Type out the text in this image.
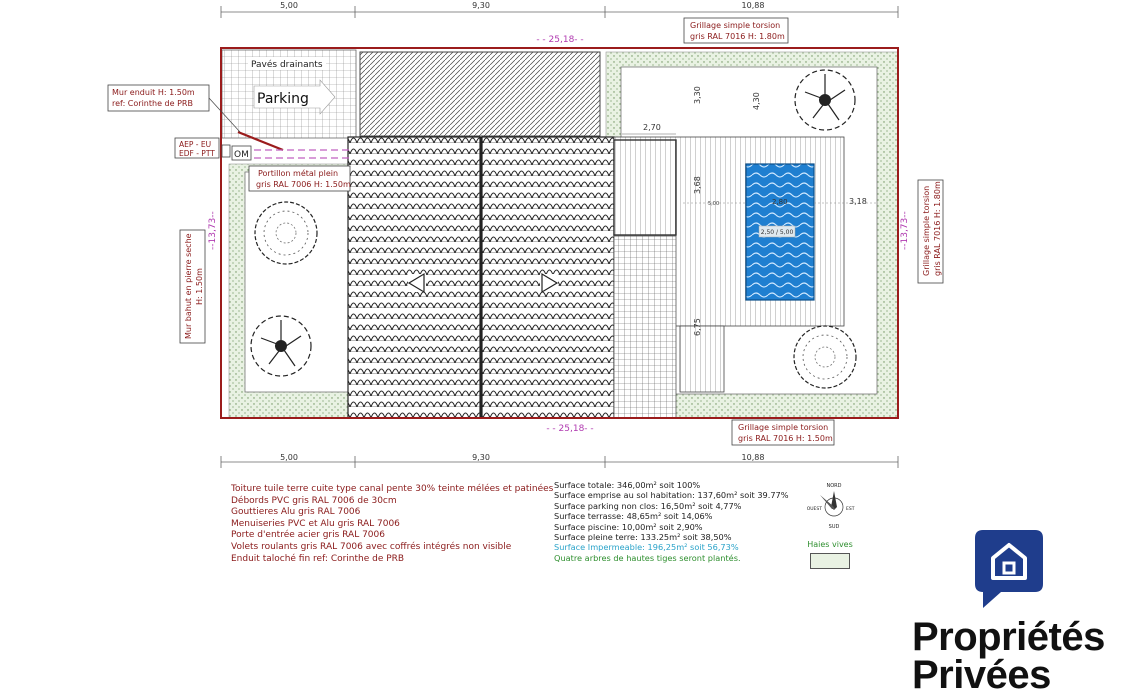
5,00	9,30	10,88
5,00	9,30	10,88
Parking
Pavés drainants
2,50 / 5,00
2,70
3,30	4,30
3,68
3,18
2,80
5,00
6,75
- - 25,18- -
- - 25,18- -
--13,73--	--13,73--
Mur enduit H: 1.50m
ref: Corinthe de PRB
AEP - EU
EDF - PTT OM
Portillon métal plein
gris RAL 7006 H: 1.50m
Grillage simple torsion
gris RAL 7016 H: 1.80m
Grillage simple torsion
gris RAL 7016 H: 1.50m
Grillage simple torsion gris RAL 7016 H: 1.80m
Mur bahut en pierre seche H: 1.50m
NORD
SUD
OUEST	EST
Toiture tuile terre cuite type canal pente 30% teinte mélées et patinées
Débords PVC gris RAL 7006 de 30cm
Gouttieres Alu gris RAL 7006
Menuiseries PVC et Alu gris RAL 7006
Porte d'entrée acier gris RAL 7006
Volets roulants gris RAL 7006 avec coffrés intégrés non visible
Enduit taloché fin ref: Corinthe de PRB
Surface totale: 346,00m² soit 100%
Surface emprise au sol habitation: 137,60m² soit 39.77%
Surface parking non clos: 16,50m² soit 4,77%
Surface terrasse: 48,65m² soit 14,06%
Surface piscine: 10,00m² soit 2,90%
Surface pleine terre: 133.25m² soit 38,50%
Surface Impermeable: 196,25m² soit 56,73%
Quatre arbres de hautes tiges seront plantés.
Haies vives
Propriétés
Privées
